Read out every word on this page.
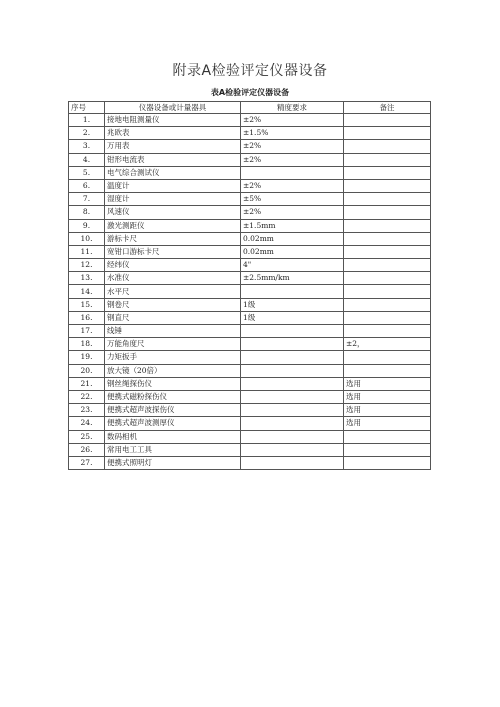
附录A检验评定仪器设备
表A检验评定仪器设备
序号	仪器设备或计量器具	精度要求	备注
1.	接地电阻测量仪	±2%	
2.	兆欧表	±1.5%	
3.	万用表	±2%	
4.	钳形电流表	±2%	
5.	电气综合测试仪		
6.	温度计	±2%	
7.	湿度计	±5%	
8.	风速仪	±2%	
9.	激光测距仪	±1.5mm	
10.	游标卡尺	0.02mm	
11.	宽钳口游标卡尺	0.02mm	
12.	经纬仪	4"	
13.	水准仪	±2.5mm/km	
14.	水平尺		
15.	钢卷尺	1级	
16.	钢直尺	1级	
17.	线锤		
18.	万能角度尺		±2，
19.	力矩扳手		
20.	放大镜（20倍）		
21.	钢丝绳探伤仪		选用
22.	便携式磁粉探伤仪		选用
23.	便携式超声波探伤仪		选用
24.	便携式超声波测厚仪		选用
25.	数码相机		
26.	常用电工工具		
27.	便携式照明灯		
